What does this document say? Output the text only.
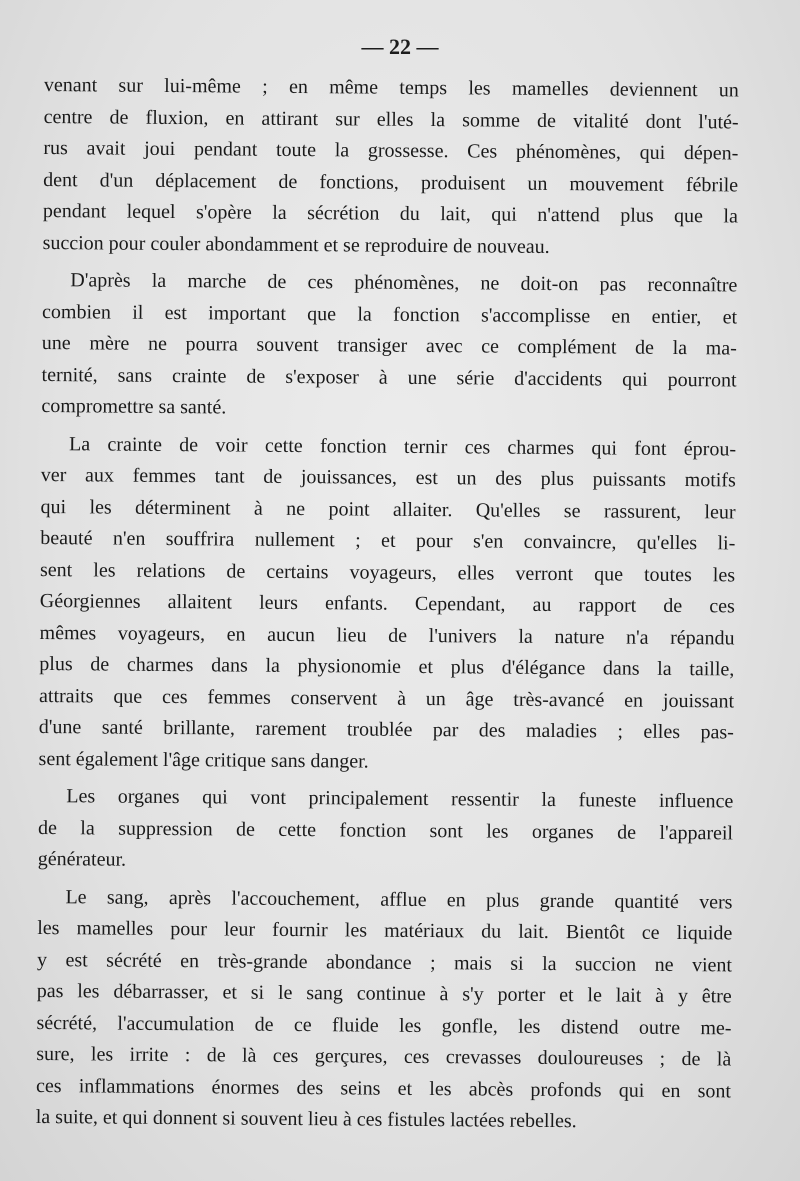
— 22 —
venant sur lui-même ; en même temps les mamelles deviennent un
centre de fluxion, en attirant sur elles la somme de vitalité dont l'uté-
rus avait joui pendant toute la grossesse. Ces phénomènes, qui dépen-
dent d'un déplacement de fonctions, produisent un mouvement fébrile
pendant lequel s'opère la sécrétion du lait, qui n'attend plus que la
succion pour couler abondamment et se reproduire de nouveau.
D'après la marche de ces phénomènes, ne doit-on pas reconnaître
combien il est important que la fonction s'accomplisse en entier, et
une mère ne pourra souvent transiger avec ce complément de la ma-
ternité, sans crainte de s'exposer à une série d'accidents qui pourront
compromettre sa santé.
La crainte de voir cette fonction ternir ces charmes qui font éprou-
ver aux femmes tant de jouissances, est un des plus puissants motifs
qui les déterminent à ne point allaiter. Qu'elles se rassurent, leur
beauté n'en souffrira nullement ; et pour s'en convaincre, qu'elles li-
sent les relations de certains voyageurs, elles verront que toutes les
Géorgiennes allaitent leurs enfants. Cependant, au rapport de ces
mêmes voyageurs, en aucun lieu de l'univers la nature n'a répandu
plus de charmes dans la physionomie et plus d'élégance dans la taille,
attraits que ces femmes conservent à un âge très-avancé en jouissant
d'une santé brillante, rarement troublée par des maladies ; elles pas-
sent également l'âge critique sans danger.
Les organes qui vont principalement ressentir la funeste influence
de la suppression de cette fonction sont les organes de l'appareil
générateur.
Le sang, après l'accouchement, afflue en plus grande quantité vers
les mamelles pour leur fournir les matériaux du lait. Bientôt ce liquide
y est sécrété en très-grande abondance ; mais si la succion ne vient
pas les débarrasser, et si le sang continue à s'y porter et le lait à y être
sécrété, l'accumulation de ce fluide les gonfle, les distend outre me-
sure, les irrite : de là ces gerçures, ces crevasses douloureuses ; de là
ces inflammations énormes des seins et les abcès profonds qui en sont
la suite, et qui donnent si souvent lieu à ces fistules lactées rebelles.
